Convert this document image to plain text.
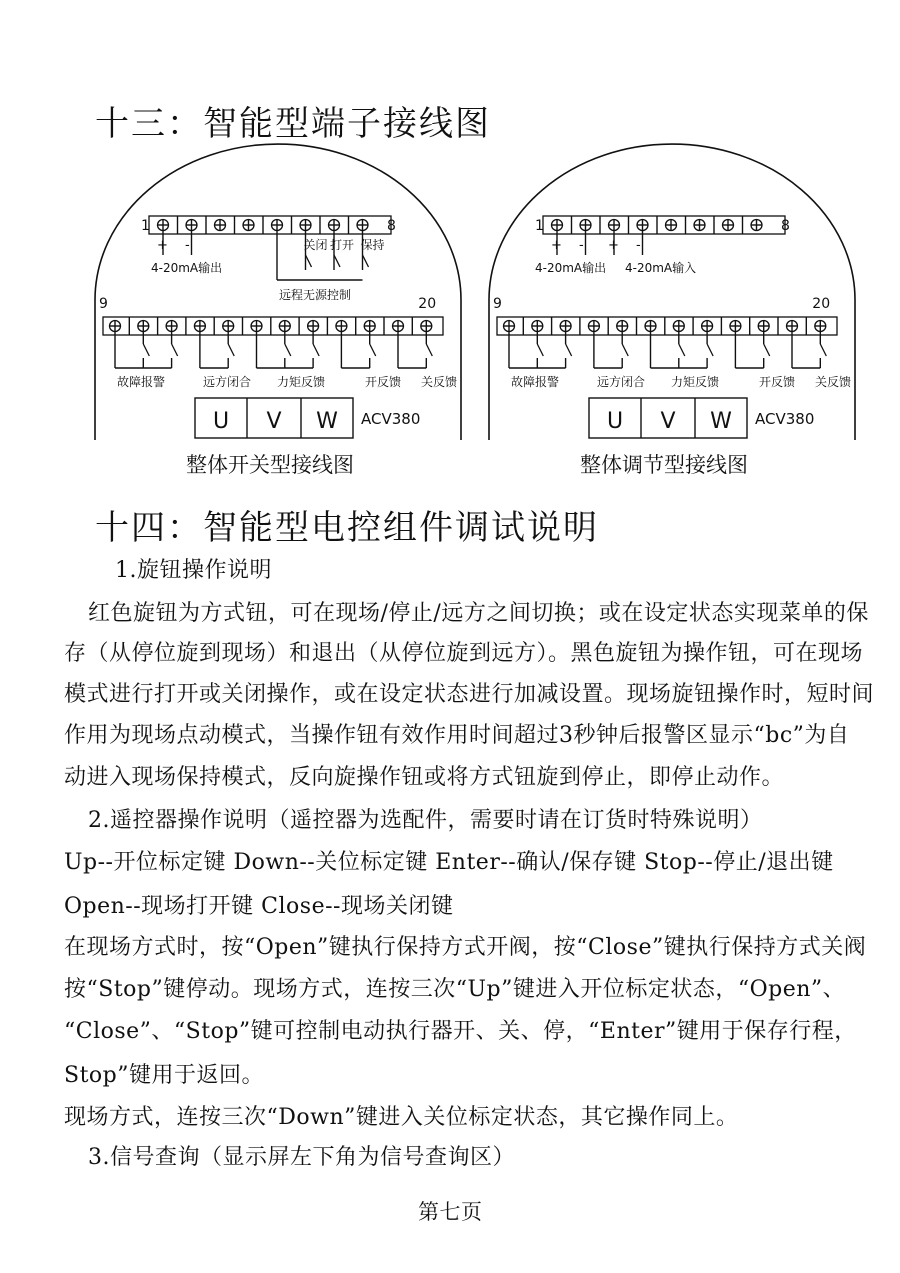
十三：智能型端子接线图
1	8
+ -
4-20mA输出
关闭 打开 保持
远程无源控制
9	20
故障报警	远方闭合 力矩反馈	开反馈 关反馈
U V W ACV380
整体开关型接线图
1	8
+ - + -
4-20mA输出 4-20mA输入
9	20
故障报警	远方闭合 力矩反馈	开反馈 关反馈
U V W ACV380
整体调节型接线图
十四：智能型电控组件调试说明
1.旋钮操作说明
红色旋钮为方式钮，可在现场/停止/远方之间切换；或在设定状态实现菜单的保
存（从停位旋到现场）和退出（从停位旋到远方）。黑色旋钮为操作钮，可在现场
模式进行打开或关闭操作，或在设定状态进行加减设置。现场旋钮操作时，短时间
作用为现场点动模式，当操作钮有效作用时间超过3秒钟后报警区显示“bc”为自
动进入现场保持模式，反向旋操作钮或将方式钮旋到停止，即停止动作。
2.遥控器操作说明（遥控器为选配件，需要时请在订货时特殊说明）
Up--开位标定键 Down--关位标定键 Enter--确认/保存键 Stop--停止/退出键
Open--现场打开键 Close--现场关闭键
在现场方式时，按“Open”键执行保持方式开阀，按“Close”键执行保持方式关阀
按“Stop”键停动。现场方式，连按三次“Up”键进入开位标定状态，“Open”、
“Close”、“Stop”键可控制电动执行器开、关、停，“Enter”键用于保存行程，
Stop”键用于返回。
现场方式，连按三次“Down”键进入关位标定状态，其它操作同上。
3.信号查询（显示屏左下角为信号查询区）
第七页
